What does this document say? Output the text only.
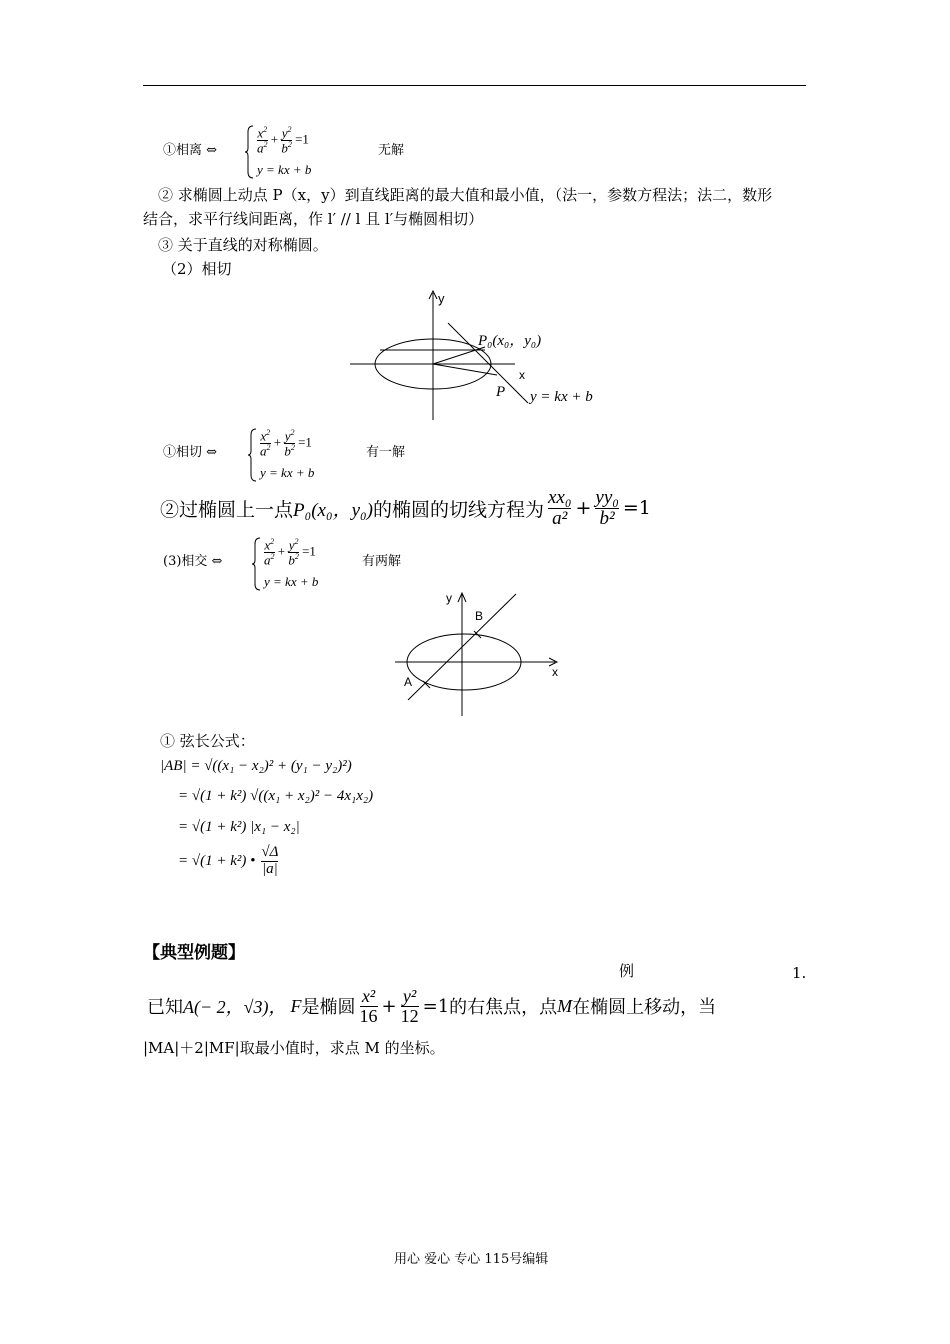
①相离 ⇔	$\frac{x^2}{a^2} + \frac{y^2}{b^2} =1$
y = kx + b
无解
② 求椭圆上动点 P（x，y）到直线距离的最大值和最小值，（法一，参数方程法；法二，数形
结合，求平行线间距离，作 l′ // l 且 l′与椭圆相切）
③ 关于直线的对称椭圆。
（2）相切
y
x
P₀(x₀，y₀)
P y = kx + b
①相切 ⇔	$\frac{x^2}{a^2} + \frac{y^2}{b^2} =1$
y = kx + b
有一解
②过椭圆上一点 P₀(x₀，y₀) 的椭圆的切线方程为 $\frac{\text{xx₀}}{\text{a²}} + \frac{\text{yy₀}}{\text{b²}} =1$
(3)相交 ⇔	$\frac{x^2}{a^2} + \frac{y^2}{b^2} =1$
y = kx + b
有两解
y
x
B
A
① 弦长公式：
|AB| = √((x₁ − x₂)² + (y₁ − y₂)²)
= √(1 + k²) √((x₁ + x₂)² − 4x₁x₂)
= √(1 + k²) |x₁ − x₂|
= √(1 + k²) • $\frac{√\Delta}{|a|}$
【典型例题】
例	1.
已知 A(− 2，√3)， F 是椭圆 $\frac{\text{x²}}{16} + \frac{\text{y²}}{12} =1$ 的右焦点，点 M 在椭圆上移动，当
|MA|＋2|MF|取最小值时，求点 M 的坐标。
用心 爱心 专心 115号编辑
